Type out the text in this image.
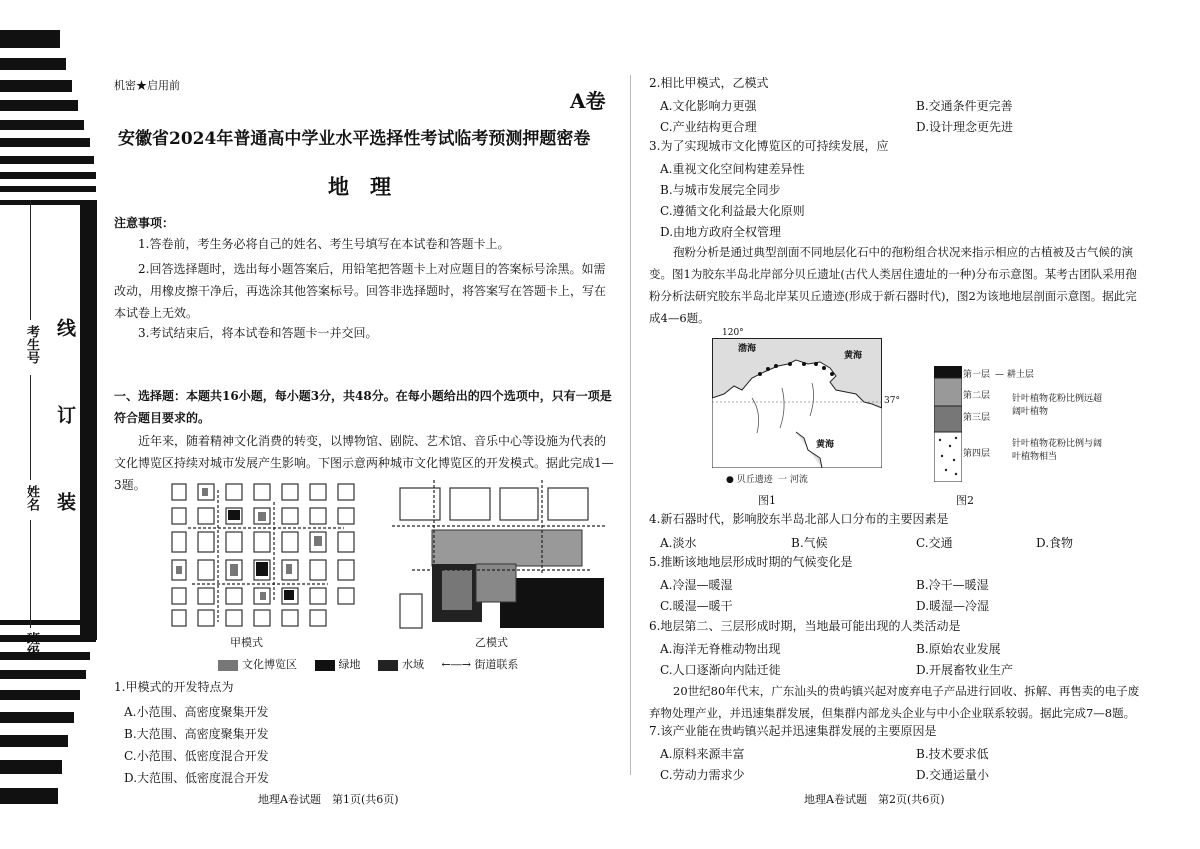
考生号
姓名
班级
线
订
装
机密★启用前
A卷
安徽省2024年普通高中学业水平选择性考试临考预测押题密卷
地　理
注意事项：
1.答卷前，考生务必将自己的姓名、考生号填写在本试卷和答题卡上。
2.回答选择题时，选出每小题答案后，用铅笔把答题卡上对应题目的答案标号涂黑。如需改动，用橡皮擦干净后，再选涂其他答案标号。回答非选择题时，将答案写在答题卡上，写在本试卷上无效。
3.考试结束后，将本试卷和答题卡一并交回。
一、选择题：本题共16小题，每小题3分，共48分。在每小题给出的四个选项中，只有一项是符合题目要求的。
近年来，随着精神文化消费的转变，以博物馆、剧院、艺术馆、音乐中心等设施为代表的文化博览区持续对城市发展产生影响。下图示意两种城市文化博览区的开发模式。据此完成1—3题。
甲模式	乙模式
文化博览区	绿地	水域 ←―→ 街道联系
1.甲模式的开发特点为
A.小范围、高密度聚集开发
B.大范围、高密度聚集开发
C.小范围、低密度混合开发
D.大范围、低密度混合开发
地理A卷试题　第1页(共6页)
2.相比甲模式，乙模式
A.文化影响力更强	B.交通条件更完善
C.产业结构更合理	D.设计理念更先进
3.为了实现城市文化博览区的可持续发展，应
A.重视文化空间构建差异性
B.与城市发展完全同步
C.遵循文化利益最大化原则
D.由地方政府全权管理
孢粉分析是通过典型剖面不同地层化石中的孢粉组合状况来指示相应的古植被及古气候的演变。图1为胶东半岛北岸部分贝丘遗址(古代人类居住遗址的一种)分布示意图。某考古团队采用孢粉分析法研究胶东半岛北岸某贝丘遗迹(形成于新石器时代)，图2为该地地层剖面示意图。据此完成4—6题。
120°
渤海
黄海
黄海
37°
● 贝丘遗迹 一 河流
图1
第一层 — 耕土层
第二层
第三层
针叶植物花粉比例远超阔叶植物
第四层
针叶植物花粉比例与阔叶植物相当
图2
4.新石器时代，影响胶东半岛北部人口分布的主要因素是
A.淡水	B.气候	C.交通	D.食物
5.推断该地地层形成时期的气候变化是
A.冷湿—暖湿	B.冷干—暖湿
C.暖湿—暖干	D.暖湿—冷湿
6.地层第二、三层形成时期，当地最可能出现的人类活动是
A.海洋无脊椎动物出现	B.原始农业发展
C.人口逐渐向内陆迁徙	D.开展畜牧业生产
20世纪80年代末，广东汕头的贵屿镇兴起对废弃电子产品进行回收、拆解、再售卖的电子废弃物处理产业，并迅速集群发展，但集群内部龙头企业与中小企业联系较弱。据此完成7—8题。
7.该产业能在贵屿镇兴起并迅速集群发展的主要原因是
A.原料来源丰富	B.技术要求低
C.劳动力需求少	D.交通运量小
地理A卷试题　第2页(共6页)
